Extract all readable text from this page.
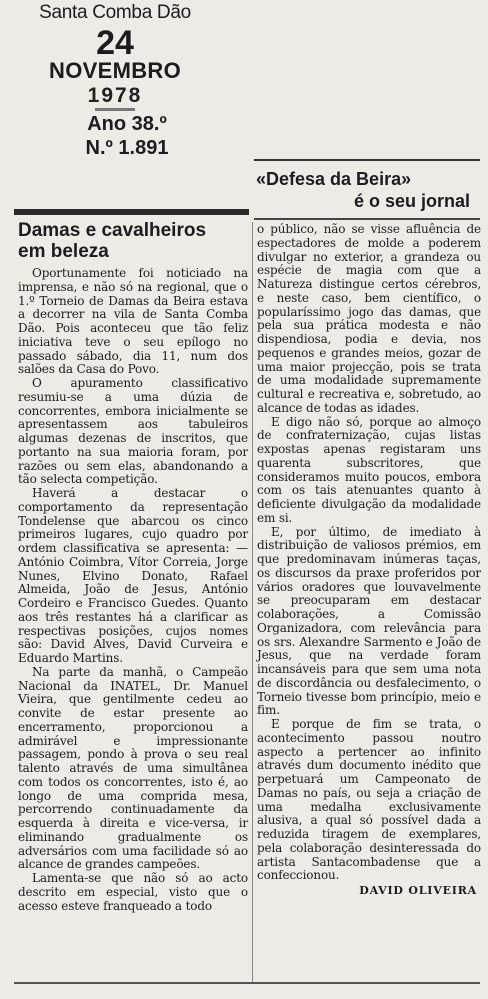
Santa Comba Dão
24
NOVEMBRO
1978
Ano 38.º
N.º 1.891
«Defesa da Beira»
é o seu jornal
Damas e cavalheiros
em beleza

Oportunamente foi noticiado na imprensa, e não só na regional, que o 1.º Torneio de Damas da Beira estava a decorrer na vila de Santa Comba Dão. Pois aconteceu que tão feliz iniciativa teve o seu epílogo no passado sábado, dia 11, num dos salões da Casa do Povo.

O apuramento classificativo resumiu-se a uma dúzia de concorrentes, embora inicialmente se apresentassem aos tabuleiros algumas dezenas de inscritos, que portanto na sua maioria foram, por razões ou sem elas, abandonando a tão selecta competição.

Haverá a destacar o comportamento da representação Tondelense que abarcou os cinco primeiros lugares, cujo quadro por ordem classificativa se apresenta: — António Coimbra, Vítor Correia, Jorge Nunes, Elvino Donato, Rafael Almeida, João de Jesus, António Cordeiro e Francisco Guedes. Quanto aos três restantes há a clarificar as respectivas posições, cujos nomes são: David Alves, David Curveira e Eduardo Martins.

Na parte da manhã, o Campeão Nacional da INATEL, Dr. Manuel Vieira, que gentilmente cedeu ao convite de estar presente ao encerramento, proporcionou a admirável e impressionante passagem, pondo à prova o seu real talento através de uma simultânea com todos os concorrentes, isto é, ao longo de uma comprida mesa, percorrendo continuadamente da esquerda à direita e vice-versa, ir eliminando gradualmente os adversários com uma facilidade só ao alcance de grandes campeões.

Lamenta-se que não só ao acto descrito em especial, visto que o acesso esteve franqueado a todo

o público, não se visse afluência de espectadores de molde a poderem divulgar no exterior, a grandeza ou espécie de magia com que a Natureza distingue certos cérebros, e neste caso, bem científico, o popularíssimo jogo das damas, que pela sua prática modesta e não dispendiosa, podia e devia, nos pequenos e grandes meios, gozar de uma maior projecção, pois se trata de uma modalidade supremamente cultural e recreativa e, sobretudo, ao alcance de todas as idades.

E digo não só, porque ao almoço de confraternização, cujas listas expostas apenas registaram uns quarenta subscritores, que consideramos muito poucos, embora com os tais atenuantes quanto à deficiente divulgação da modalidade em si.

E, por último, de imediato à distribuição de valiosos prémios, em que predominavam inúmeras taças, os discursos da praxe proferidos por vários oradores que louvavelmente se preocuparam em destacar colaborações, a Comissão Organizadora, com relevância para os srs. Alexandre Sarmento e João de Jesus, que na verdade foram incansáveis para que sem uma nota de discordância ou desfalecimento, o Torneio tivesse bom princípio, meio e fim.

E porque de fim se trata, o acontecimento passou noutro aspecto a pertencer ao infinito através dum documento inédito que perpetuará um Campeonato de Damas no país, ou seja a criação de uma medalha exclusivamente alusiva, a qual só possível dada a reduzida tiragem de exemplares, pela colaboração desinteressada do artista Santacombadense que a confeccionou.

DAVID OLIVEIRA
